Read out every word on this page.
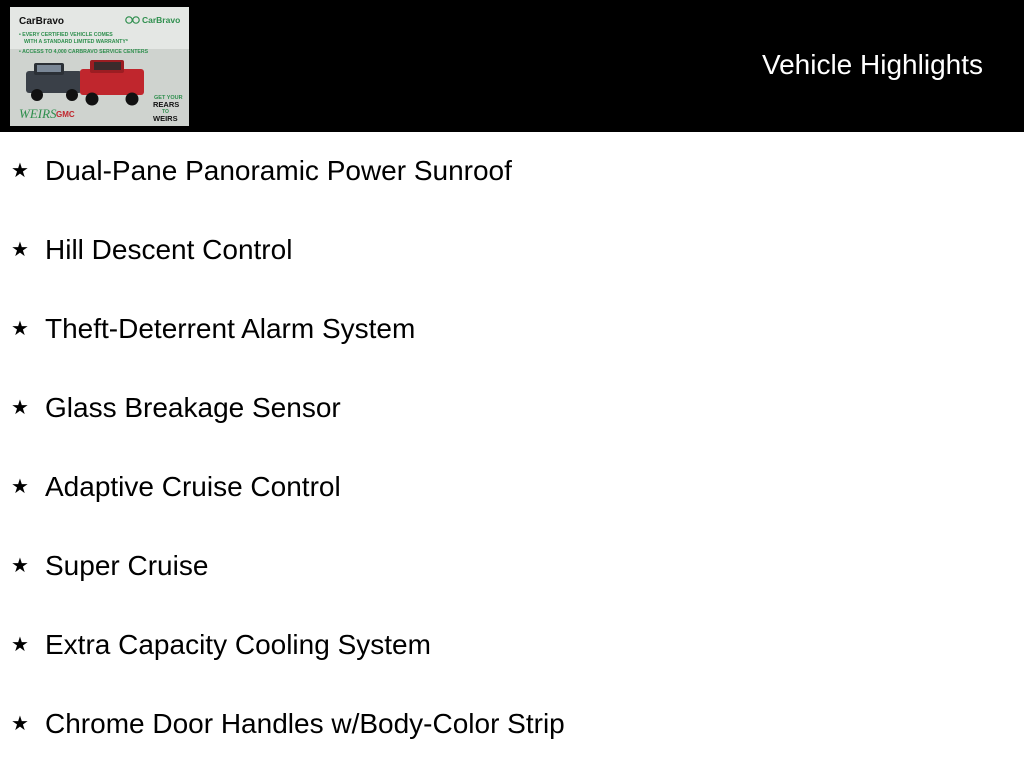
CarBravo	CarBravo
• EVERY CERTIFIED VEHICLE COMES
WITH A STANDARD LIMITED WARRANTY*
• ACCESS TO 4,000 CARBRAVO SERVICE CENTERS
WEIRS GMC
GET YOUR
REARS
TO
WEIRS
Vehicle Highlights
★ Dual-Pane Panoramic Power Sunroof
★ Hill Descent Control
★ Theft-Deterrent Alarm System
★ Glass Breakage Sensor
★ Adaptive Cruise Control
★ Super Cruise
★ Extra Capacity Cooling System
★ Chrome Door Handles w/Body-Color Strip
